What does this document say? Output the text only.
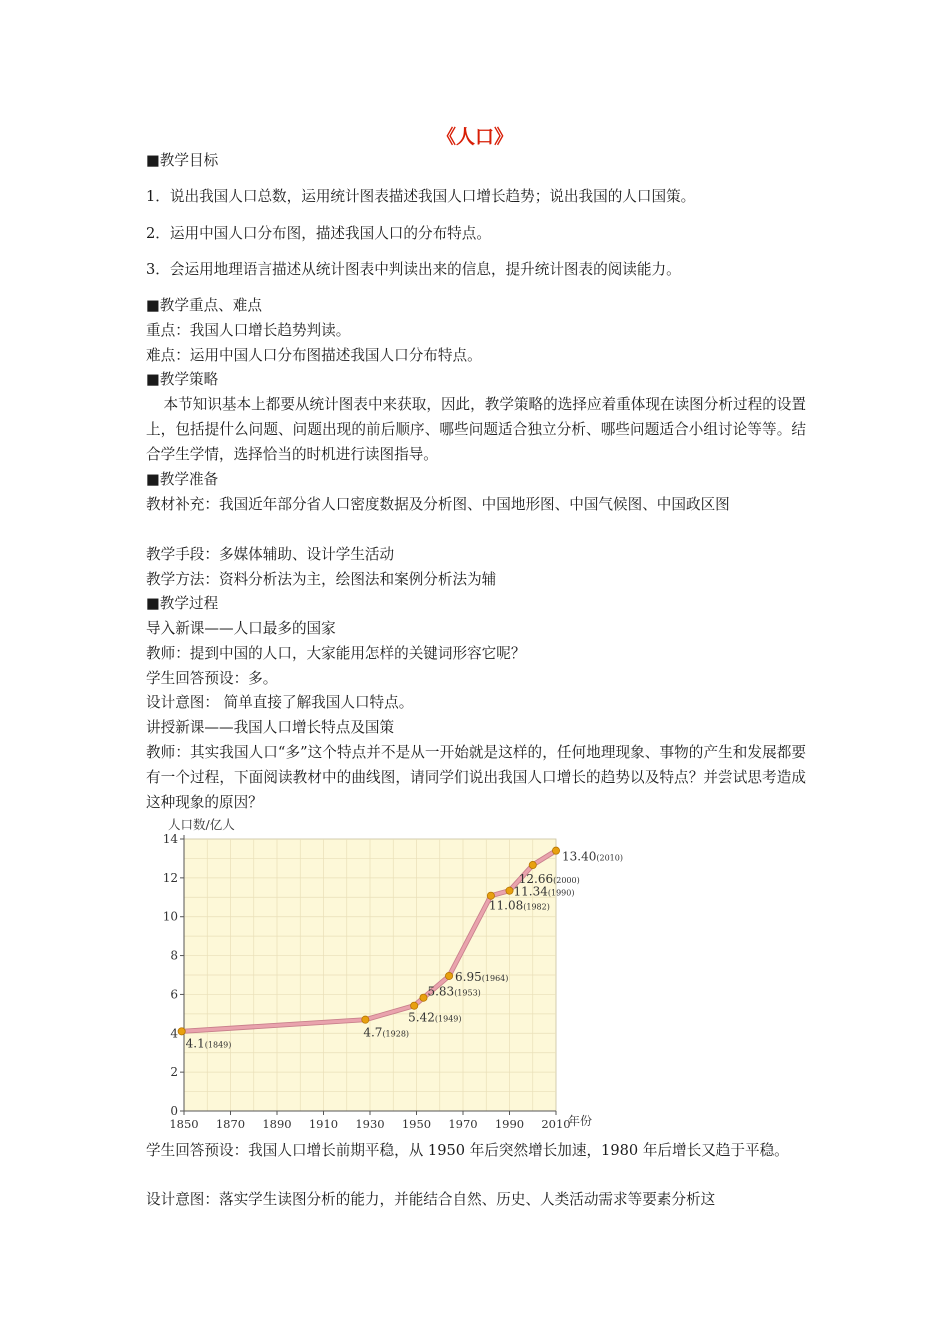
《人口》
■教学目标
1．说出我国人口总数，运用统计图表描述我国人口增长趋势；说出我国的人口国策。
2．运用中国人口分布图，描述我国人口的分布特点。
3．会运用地理语言描述从统计图表中判读出来的信息，提升统计图表的阅读能力。
■教学重点、难点
重点：我国人口增长趋势判读。
难点：运用中国人口分布图描述我国人口分布特点。
■教学策略
本节知识基本上都要从统计图表中来获取，因此，教学策略的选择应着重体现在读图分析过程的设置上，包括提什么问题、问题出现的前后顺序、哪些问题适合独立分析、哪些问题适合小组讨论等等。结合学生学情，选择恰当的时机进行读图指导。
■教学准备
教材补充：我国近年部分省人口密度数据及分析图、中国地形图、中国气候图、中国政区图
教学手段：多媒体辅助、设计学生活动
教学方法：资料分析法为主，绘图法和案例分析法为辅
■教学过程
导入新课——人口最多的国家
教师：提到中国的人口，大家能用怎样的关键词形容它呢？
学生回答预设：多。
设计意图： 简单直接了解我国人口特点。
讲授新课——我国人口增长特点及国策
教师：其实我国人口“多”这个特点并不是从一开始就是这样的，任何地理现象、事物的产生和发展都要有一个过程，下面阅读教材中的曲线图，请同学们说出我国人口增长的趋势以及特点？并尝试思考造成这种现象的原因？
0
2
4
6
8
10
12
14
1850 1870 1890 1910 1930 1950 1970 1990 2010
4.1(1849)
4.7(1928)
5.42(1949)
5.83(1953)
6.95(1964)
11.08(1982)
11.34(1990)
12.66(2000)
13.40(2010)
人口数/亿人
年份
学生回答预设：我国人口增长前期平稳，从 1950 年后突然增长加速，1980 年后增长又趋于平稳。
设计意图：落实学生读图分析的能力，并能结合自然、历史、人类活动需求等要素分析这
